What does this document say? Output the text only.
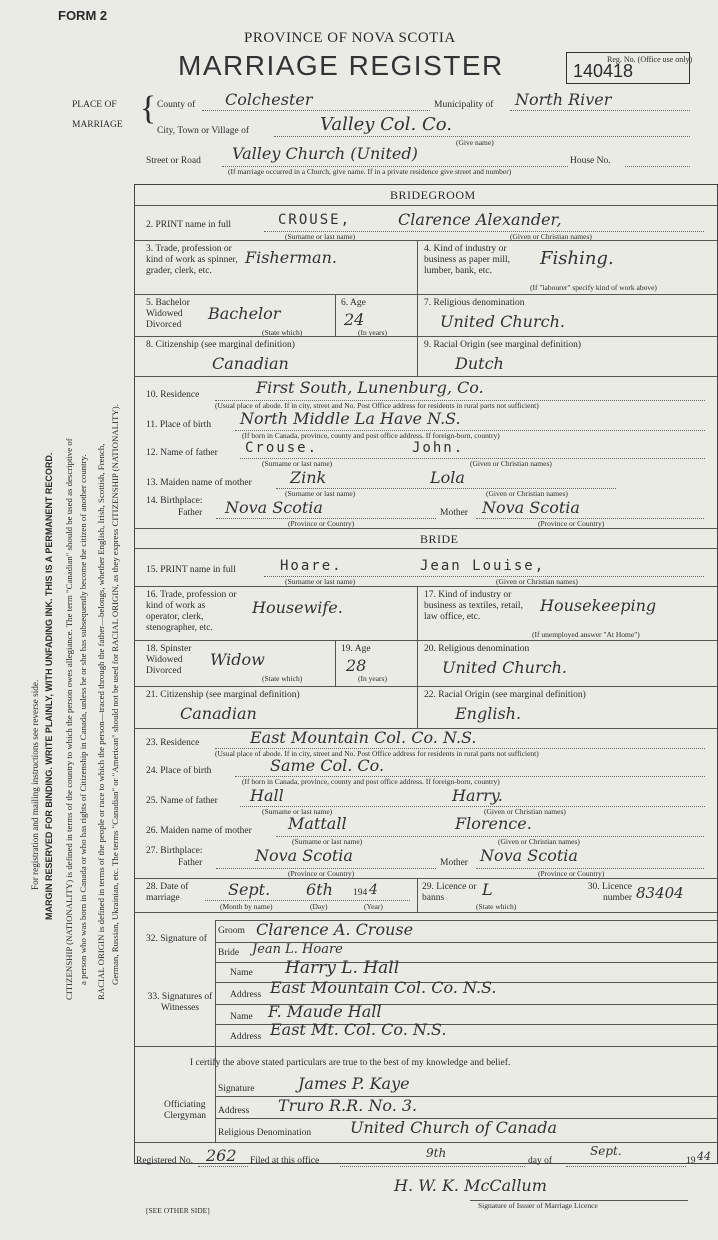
FORM 2
PROVINCE OF NOVA SCOTIA
MARRIAGE REGISTER	Reg. No. (Office use only)
140418
For registration and mailing instructions see reverse side. MARGIN RESERVED FOR BINDING. WRITE PLAINLY, WITH UNFADING INK. THIS IS A PERMANENT RECORD. CITIZENSHIP (NATIONALITY) is defined in terms of the country to which the person owes allegiance. The term "Canadian" should be used as descriptive of a person who was born in Canada or who has rights of Citizenship in Canada, unless he or she has subsequently become the citizen of another country. RACIAL ORIGIN is defined in terms of the people or race to which the person—traced through the father—belongs, whether English, Irish, Scottish, French, German, Russian, Ukrainian, etc. The terms "Canadian" or "American" should not be used for RACIAL ORIGIN, as they express CITIZENSHIP (NATIONALITY).
PLACE OF
MARRIAGE { County of Colchester	Municipality of North River
City, Town or Village of	Valley Col. Co.
(Give name)
Street or Road Valley Church (United)	House No.
(If marriage occurred in a Church, give name. If in a private residence give street and number)
BRIDEGROOM
2. PRINT name in full	CROUSE,	Clarence Alexander,
(Surname or last name)	(Given or Christian names)
3. Trade, profession or kind of work as spinner, grader, clerk, etc.
Fisherman.	4. Kind of industry or business as paper mill, lumber, bank, etc.
Fishing.
(If "labourer" specify kind of work above)
5. Bachelor Widowed Divorced
Bachelor
(State which)
6. Age
24
(In years)
7. Religious denomination
United Church.
8. Citizenship (see marginal definition)
Canadian
9. Racial Origin (see marginal definition)
Dutch
10. Residence	First South, Lunenburg, Co.
(Usual place of abode. If in city, street and No. Post Office address for residents in rural parts not sufficient)
11. Place of birth North Middle La Have N.S.
(If born in Canada, province, county and post office address. If foreign-born, country)
12. Name of father Crouse.	John.
(Surname or last name)	(Given or Christian names)
13. Maiden name of mother Zink	Lola
(Surname or last name)	(Given or Christian names)
14. Birthplace:
Father Nova Scotia
(Province or Country)
Mother Nova Scotia
(Province or Country)
BRIDE
15. PRINT name in full	Hoare.	Jean Louise,
(Surname or last name)	(Given or Christian names)
16. Trade, profession or kind of work as operator, clerk, stenographer, etc.
Housewife.
17. Kind of industry or business as textiles, retail, law office, etc.
Housekeeping
(If unemployed answer "At Home")
18. Spinster Widowed Divorced
Widow
(State which)
19. Age
28
(In years)
20. Religious denomination
United Church.
21. Citizenship (see marginal definition)
Canadian
22. Racial Origin (see marginal definition)
English.
23. Residence	East Mountain Col. Co. N.S.
(Usual place of abode. If in city, street and No. Post Office address for residents in rural parts not sufficient)
24. Place of birth	Same Col. Co.
(If born in Canada, province, county and post office address. If foreign-born, country)
25. Name of father Hall	Harry.
(Surname or last name)	(Given or Christian names)
26. Maiden name of mother Mattall	Florence.
(Surname or last name)	(Given or Christian names)
27. Birthplace:
Father	Nova Scotia
(Province or Country)
Mother Nova Scotia
(Province or Country)
28. Date of marriage	Sept. 6th 194 4
(Month by name)	(Day)	(Year)
29. Licence or banns	L
(State which)
30. Licence number 83404
32. Signature of
Groom Clarence A. Crouse
Bride Jean L. Hoare
33. Signatures of Witnesses
Name Harry L. Hall
Address East Mountain Col. Co. N.S.
Name F. Maude Hall
Address East Mt. Col. Co. N.S.
I certify the above stated particulars are true to the best of my knowledge and belief.
Officiating Clergyman
Signature	James P. Kaye
Address Truro R.R. No. 3.
Religious Denomination United Church of Canada
Registered No. 262 Filed at this office
9th
day of
Sept.
19 44
H. W. K. McCallum
Signature of Issuer of Marriage Licence
[SEE OTHER SIDE]
